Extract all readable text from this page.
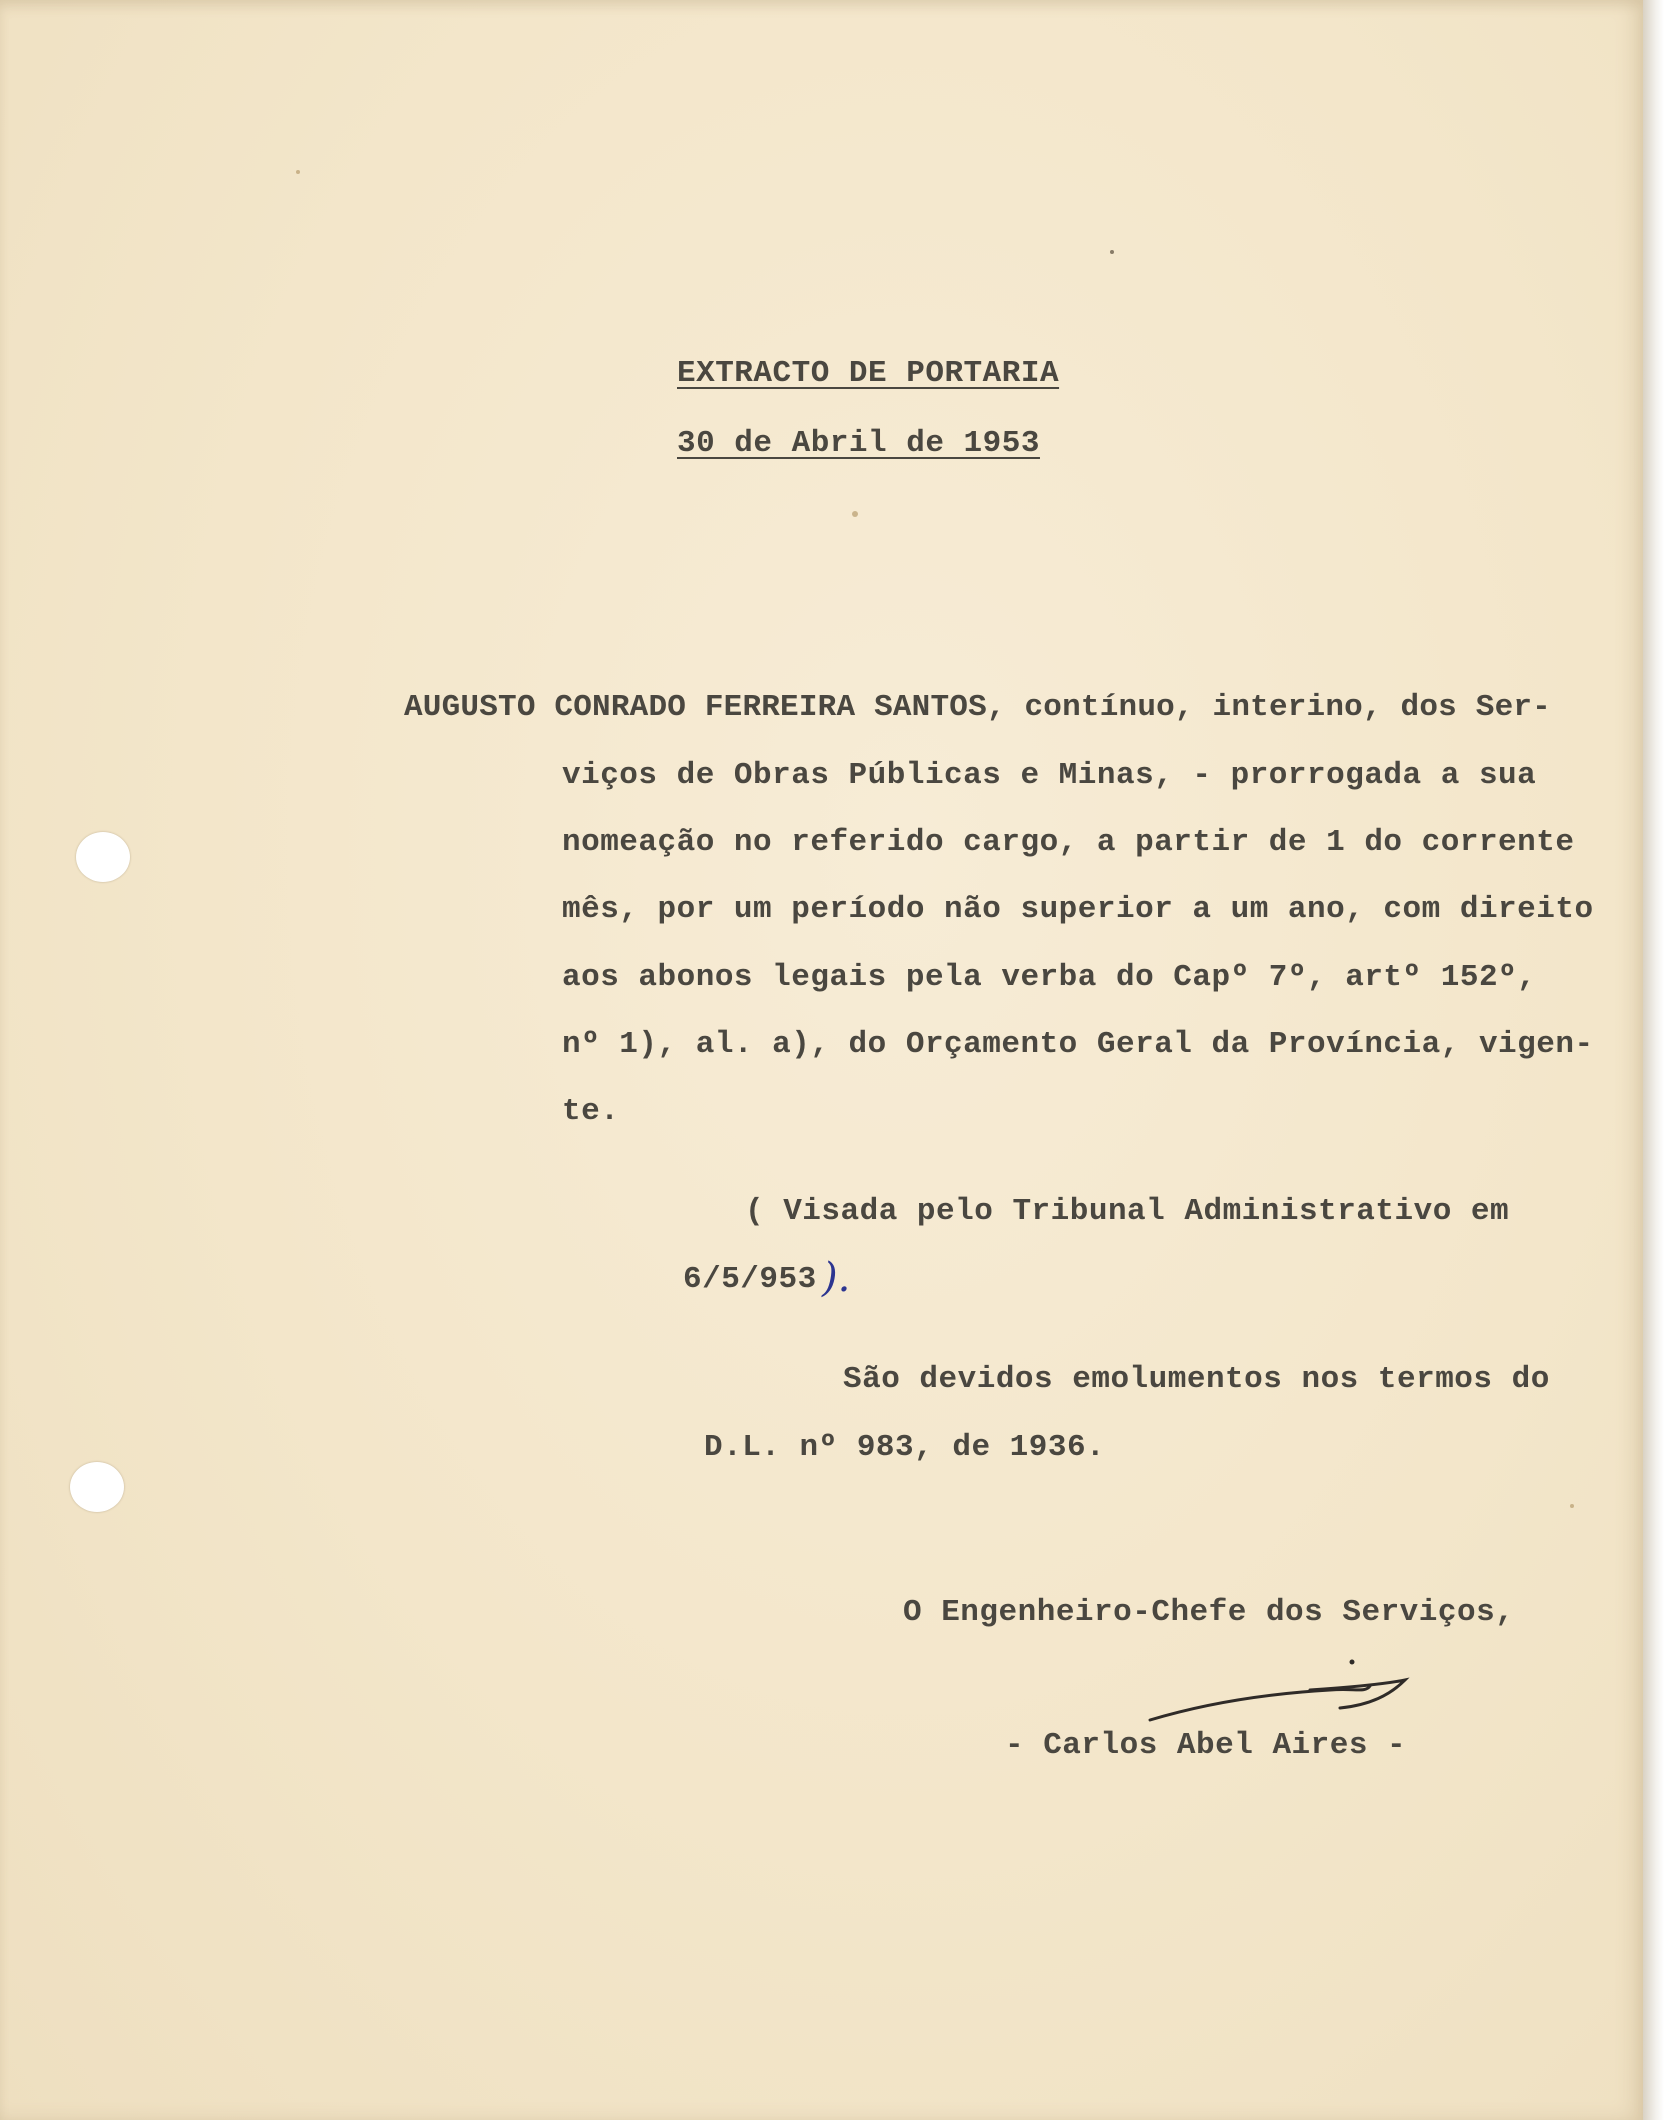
EXTRACTO DE PORTARIA
30 de Abril de 1953
AUGUSTO CONRADO FERREIRA SANTOS, contínuo, interino, dos Ser-
viços de Obras Públicas e Minas, - prorrogada a sua
nomeação no referido cargo, a partir de 1 do corrente
mês, por um período não superior a um ano, com direito
aos abonos legais pela verba do Capº 7º, artº 152º,
nº 1), al. a), do Orçamento Geral da Província, vigen-
te.
( Visada pelo Tribunal Administrativo em
6/5/953 ).
São devidos emolumentos nos termos do
D.L. nº 983, de 1936.
O Engenheiro-Chefe dos Serviços,
- Carlos Abel Aires -
